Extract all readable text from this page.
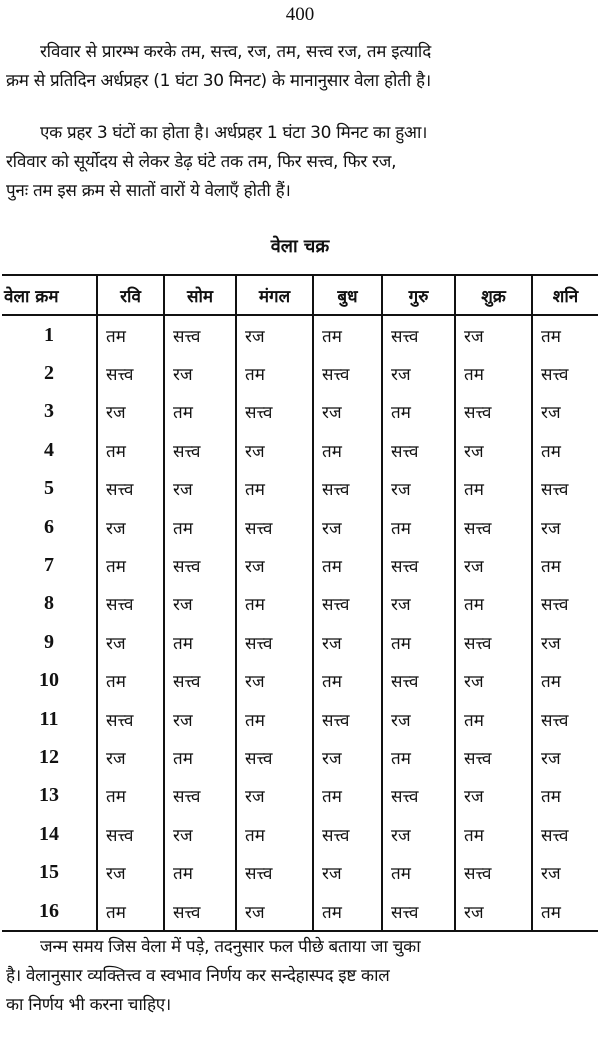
400
रविवार से प्रारम्भ करके तम, सत्त्व, रज, तम, सत्त्व रज, तम इत्यादि
क्रम से प्रतिदिन अर्धप्रहर (1 घंटा 30 मिनट) के मानानुसार वेला होती है।
एक प्रहर 3 घंटों का होता है। अर्धप्रहर 1 घंटा 30 मिनट का हुआ।
रविवार को सूर्योदय से लेकर डेढ़ घंटे तक तम, फिर सत्त्व, फिर रज,
पुनः तम इस क्रम से सातों वारों ये वेलाएँ होती हैं।
वेला चक्र
वेला क्रम	रवि	सोम	मंगल	बुध	गुरु	शुक्र	शनि
1	तम	सत्त्व	रज	तम	सत्त्व	रज	तम
2	सत्त्व	रज	तम	सत्त्व	रज	तम	सत्त्व
3	रज	तम	सत्त्व	रज	तम	सत्त्व	रज
4	तम	सत्त्व	रज	तम	सत्त्व	रज	तम
5	सत्त्व	रज	तम	सत्त्व	रज	तम	सत्त्व
6	रज	तम	सत्त्व	रज	तम	सत्त्व	रज
7	तम	सत्त्व	रज	तम	सत्त्व	रज	तम
8	सत्त्व	रज	तम	सत्त्व	रज	तम	सत्त्व
9	रज	तम	सत्त्व	रज	तम	सत्त्व	रज
10	तम	सत्त्व	रज	तम	सत्त्व	रज	तम
11	सत्त्व	रज	तम	सत्त्व	रज	तम	सत्त्व
12	रज	तम	सत्त्व	रज	तम	सत्त्व	रज
13	तम	सत्त्व	रज	तम	सत्त्व	रज	तम
14	सत्त्व	रज	तम	सत्त्व	रज	तम	सत्त्व
15	रज	तम	सत्त्व	रज	तम	सत्त्व	रज
16	तम	सत्त्व	रज	तम	सत्त्व	रज	तम
जन्म समय जिस वेला में पड़े, तदनुसार फल पीछे बताया जा चुका
है। वेलानुसार व्यक्तित्त्व व स्वभाव निर्णय कर सन्देहास्पद इष्ट काल
का निर्णय भी करना चाहिए।
